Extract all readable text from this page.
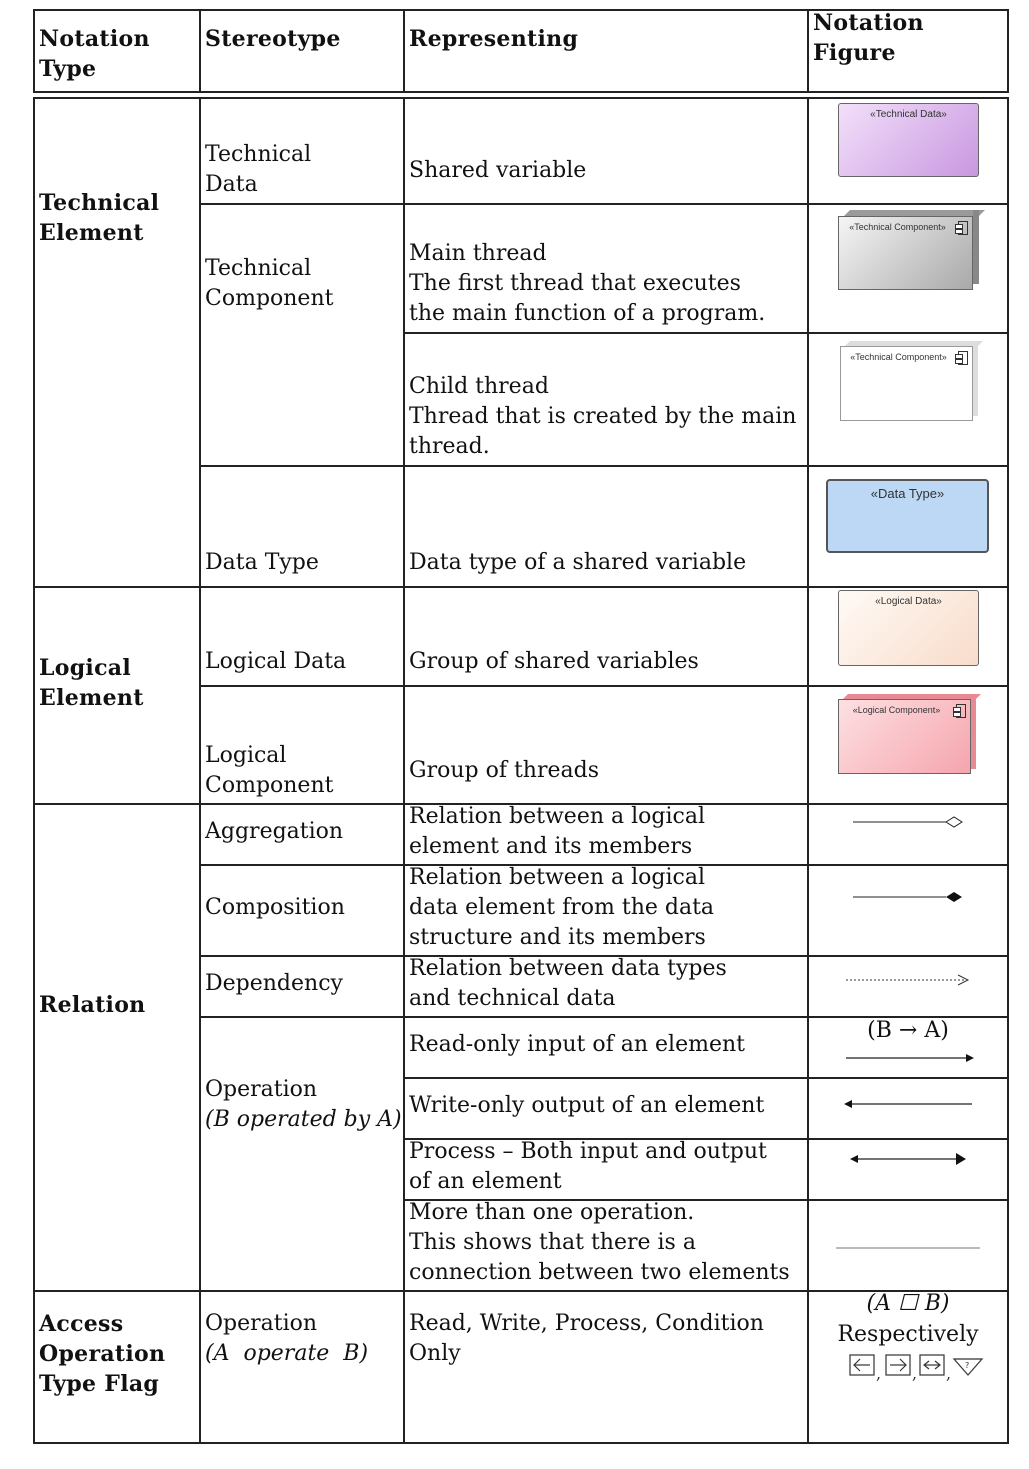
Notation
Type
Stereotype	Representing
Notation
Figure
Technical
Element
Logical
Element
Relation
Access
Operation
Type Flag
Technical
Data
Technical
Component
Data Type
Logical Data
Logical
Component
Aggregation
Composition
Dependency
Operation
(B operated by A)
Operation
(A  operate  B)
Shared variable
Main thread
The first thread that executes
the main function of a program.
Child thread
Thread that is created by the main
thread.
Data type of a shared variable
Group of shared variables
Group of threads
Relation between a logical
element and its members
Relation between a logical
data element from the data
structure and its members
Relation between data types
and technical data
Read-only input of an element
Write-only output of an element
Process – Both input and output
of an element
More than one operation.
This shows that there is a
connection between two elements
Read, Write, Process, Condition
Only
«Technical Data»
«Technical Component»
«Technical Component»
«Data Type»
«Logical Data»
«Logical Component»
(B → A)
(A ☐ B)
Respectively
, , , ?
